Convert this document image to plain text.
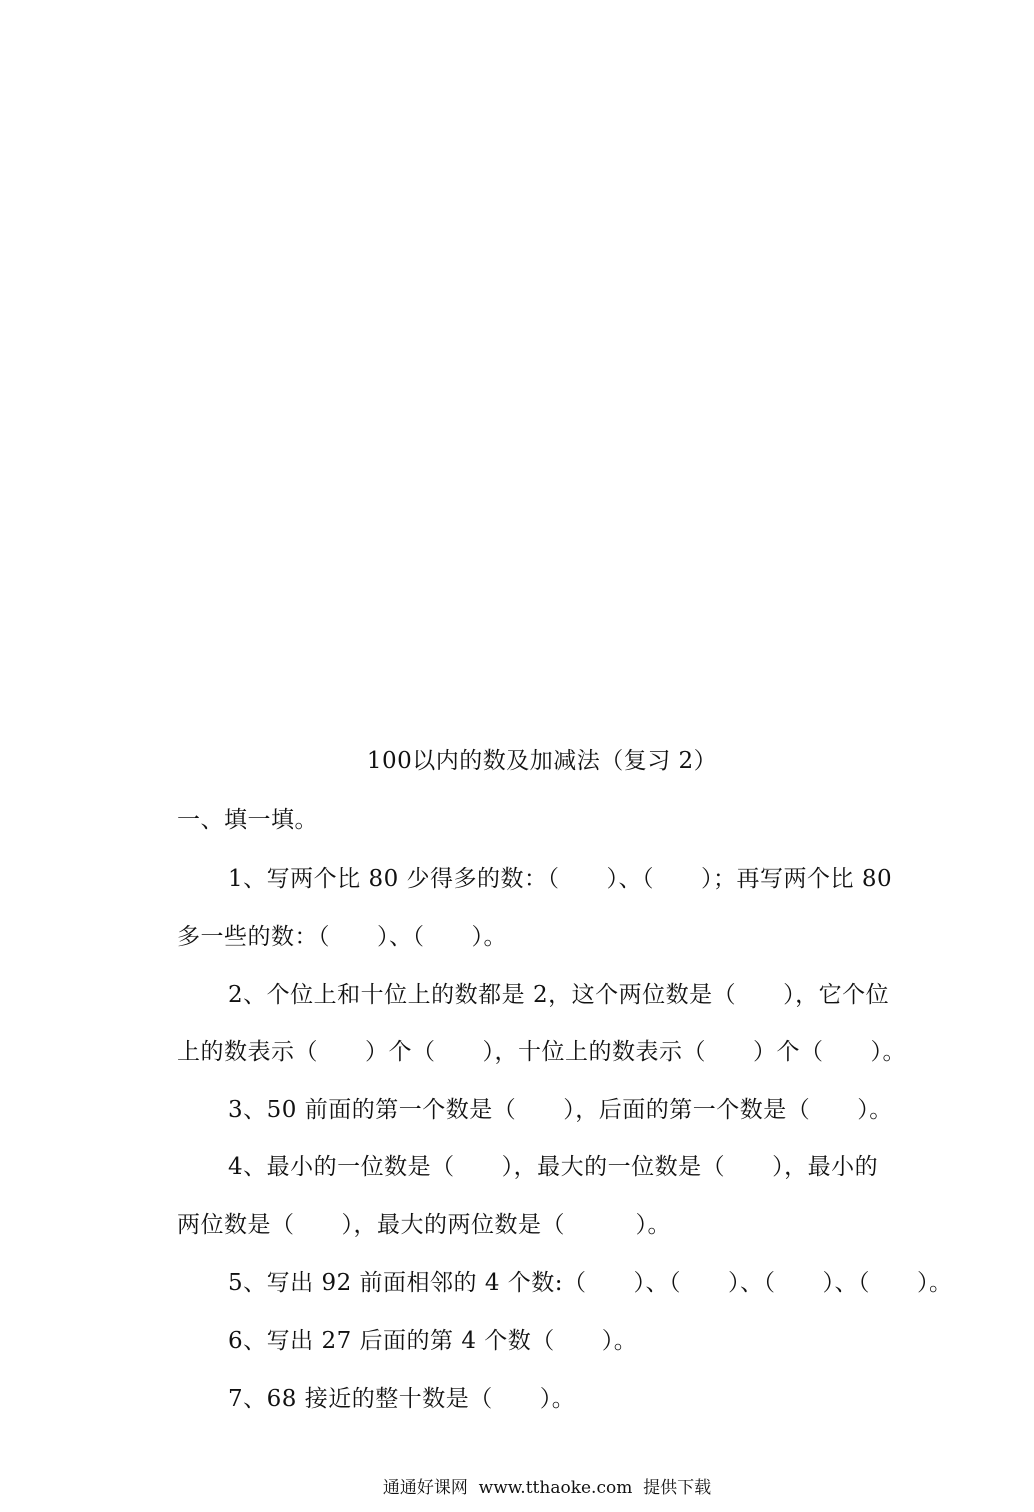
100以内的数及加减法（复习 2）
一、填一填。
1、写两个比 80 少得多的数：（　　）、（　　）；再写两个比 80
多一些的数：（　　）、（　　）。
2、个位上和十位上的数都是 2，这个两位数是（　　），它个位
上的数表示（　　）个（　　），十位上的数表示（　　）个（　　）。
3、50 前面的第一个数是（　　），后面的第一个数是（　　）。
4、最小的一位数是（　　），最大的一位数是（　　），最小的
两位数是（　　），最大的两位数是（　　　）。
5、写出 92 前面相邻的 4 个数:（　　）、（　　）、（　　）、（　　）。
6、写出 27 后面的第 4 个数（　　）。
7、68 接近的整十数是（　　）。
通通好课网  www.tthaoke.com  提供下载
